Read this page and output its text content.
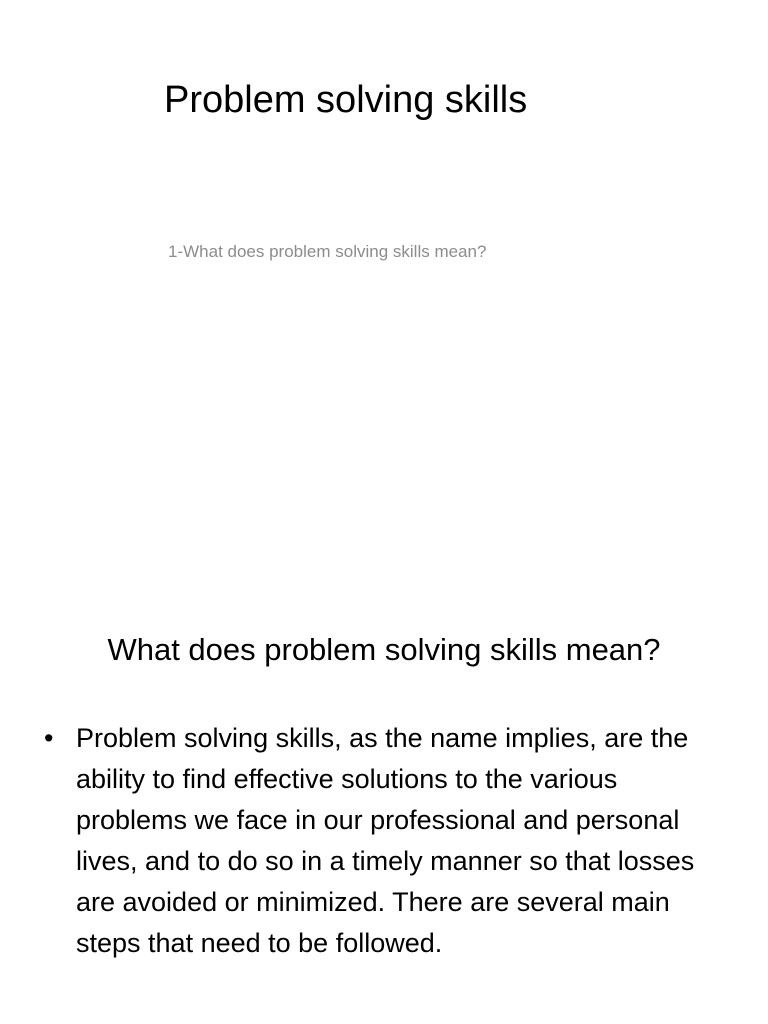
Problem solving skills

1-What does problem solving skills mean?

What does problem solving skills mean?
• Problem solving skills, as the name implies, are the ability to find effective solutions to the various problems we face in our professional and personal lives, and to do so in a timely manner so that losses are avoided or minimized. There are several main steps that need to be followed.
